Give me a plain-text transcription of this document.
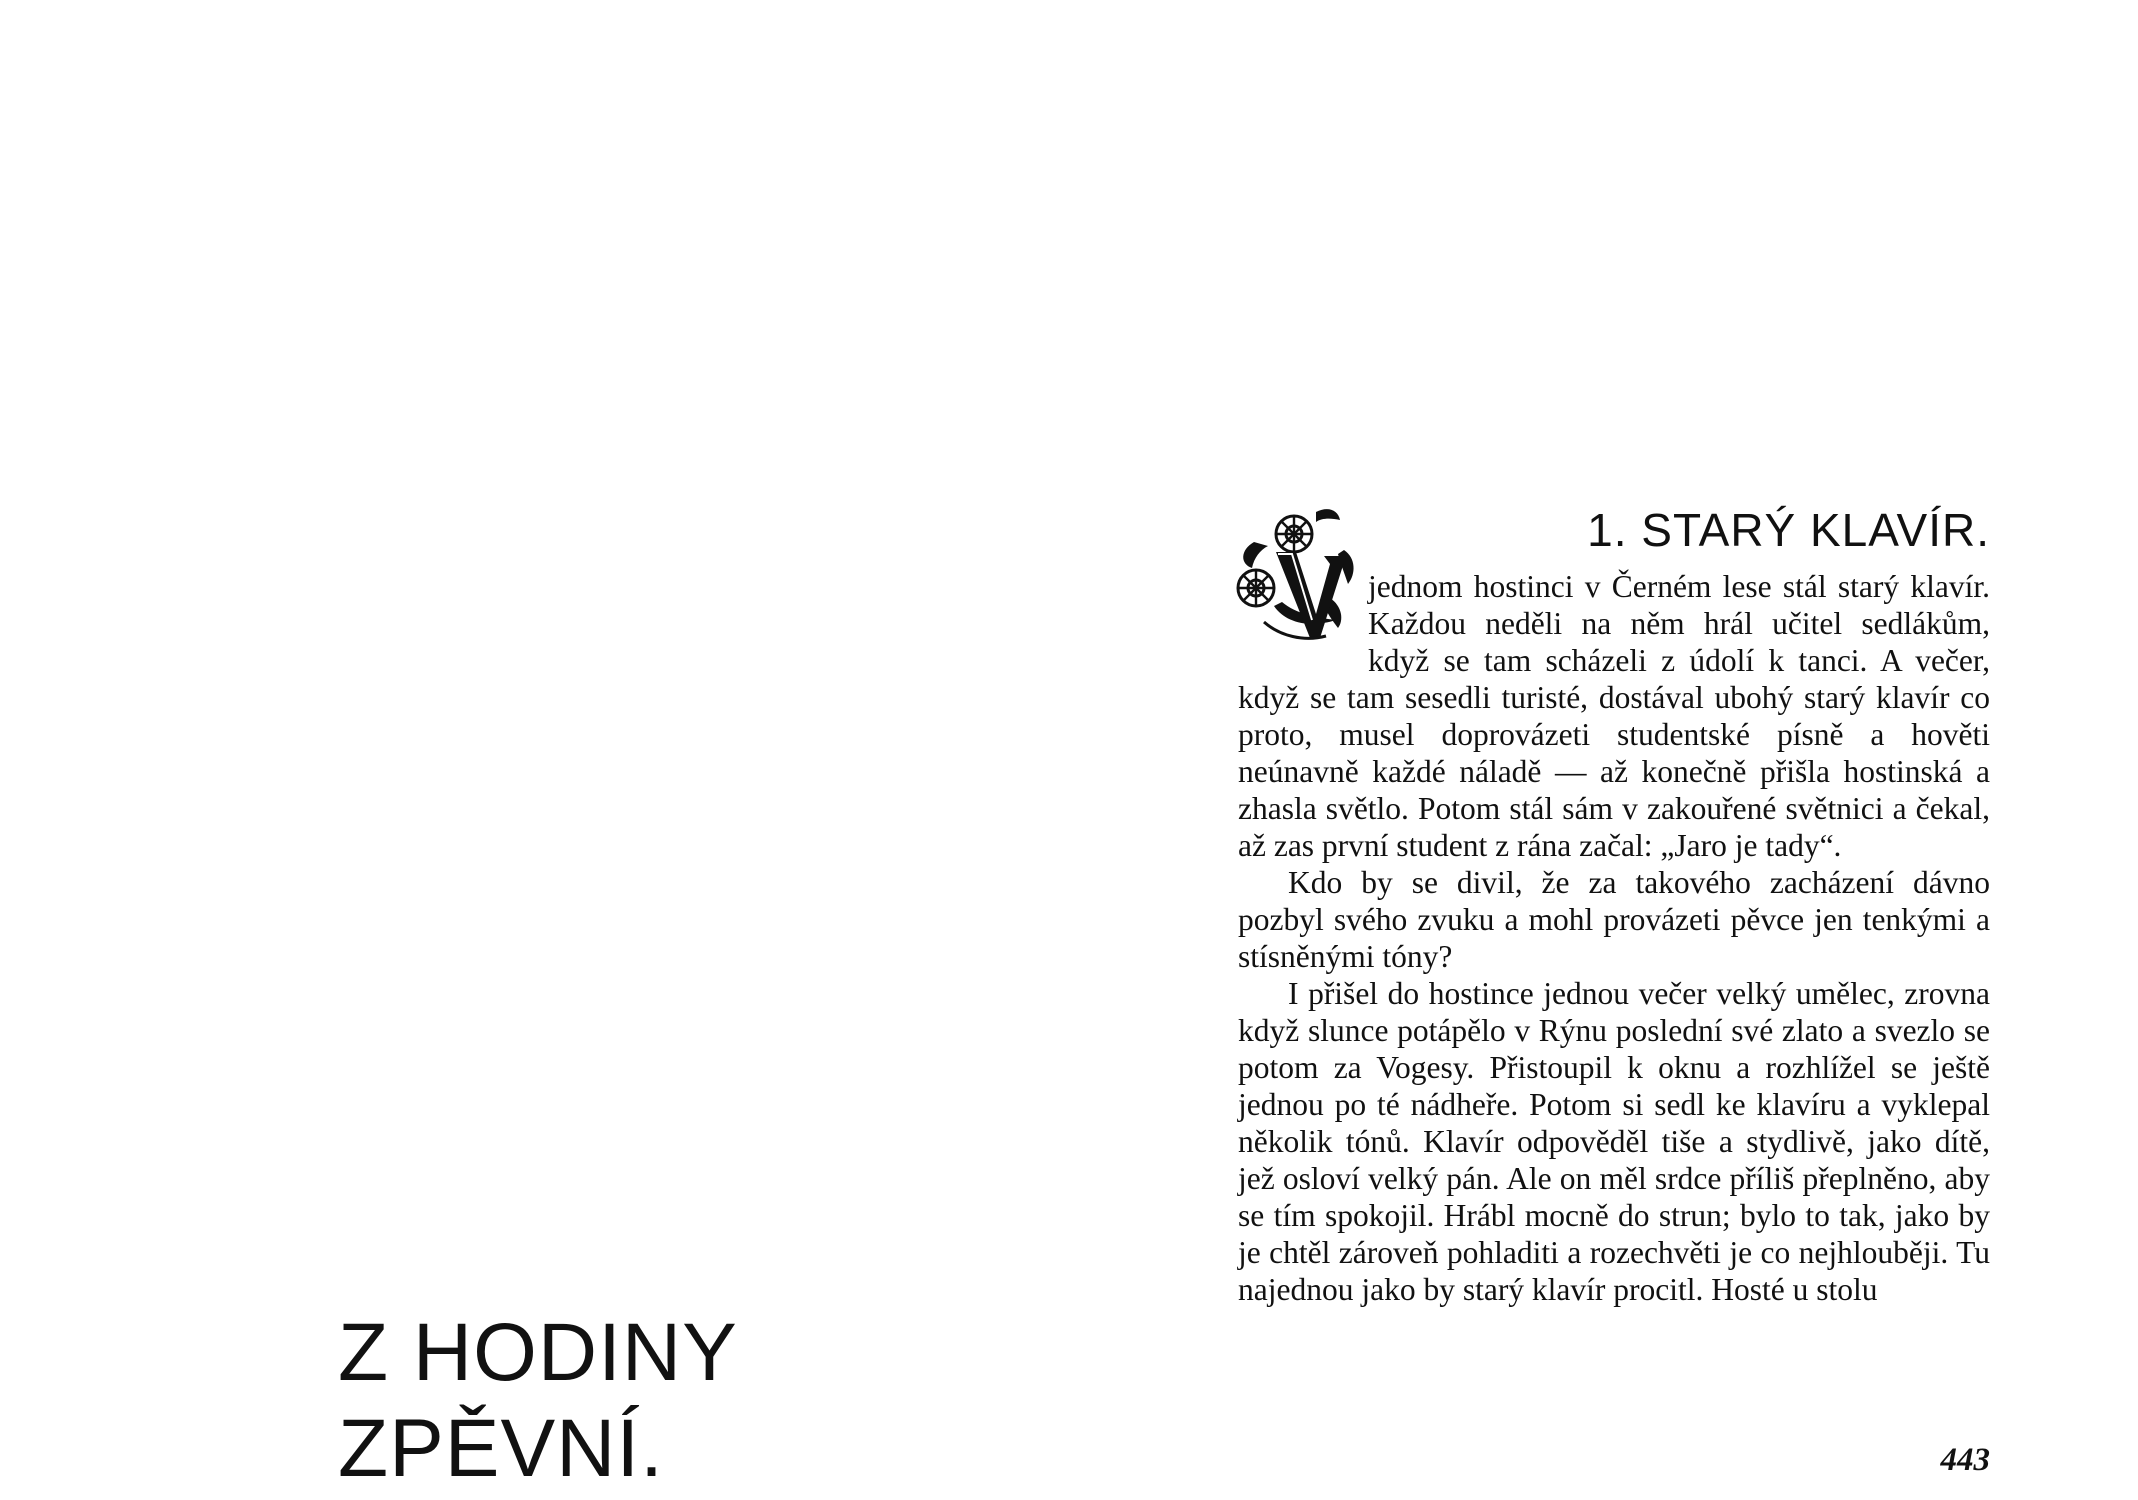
Z HODINY
ZPĚVNÍ.
1. STARÝ KLAVÍR.

jednom hostinci v Černém lese stál starý klavír. Každou neděli na něm hrál učitel sedlákům, když se tam scházeli z údolí k tanci. A večer, když se tam sesedli turisté, dostával ubohý starý klavír co proto, musel doprovázeti studentské písně a hověti neúnavně každé náladě — až konečně přišla hostinská a zhasla světlo. Potom stál sám v zakouřené světnici a čekal, až zas první student z rána začal: „Jaro je tady“.

Kdo by se divil, že za takového zacházení dávno pozbyl svého zvuku a mohl provázeti pěvce jen tenkými a stísněnými tóny?

I přišel do hostince jednou večer velký umělec, zrovna když slunce potápělo v Rýnu poslední své zlato a svezlo se potom za Vogesy. Přistoupil k oknu a rozhlížel se ještě jednou po té nádheře. Potom si sedl ke klavíru a vyklepal několik tónů. Klavír odpověděl tiše a stydlivě, jako dítě, jež osloví velký pán. Ale on měl srdce příliš přeplněno, aby se tím spokojil. Hrábl mocně do strun; bylo to tak, jako by je chtěl zároveň pohladiti a rozechvěti je co nejhlouběji. Tu najednou jako by starý klavír procitl. Hosté u stolu

443
